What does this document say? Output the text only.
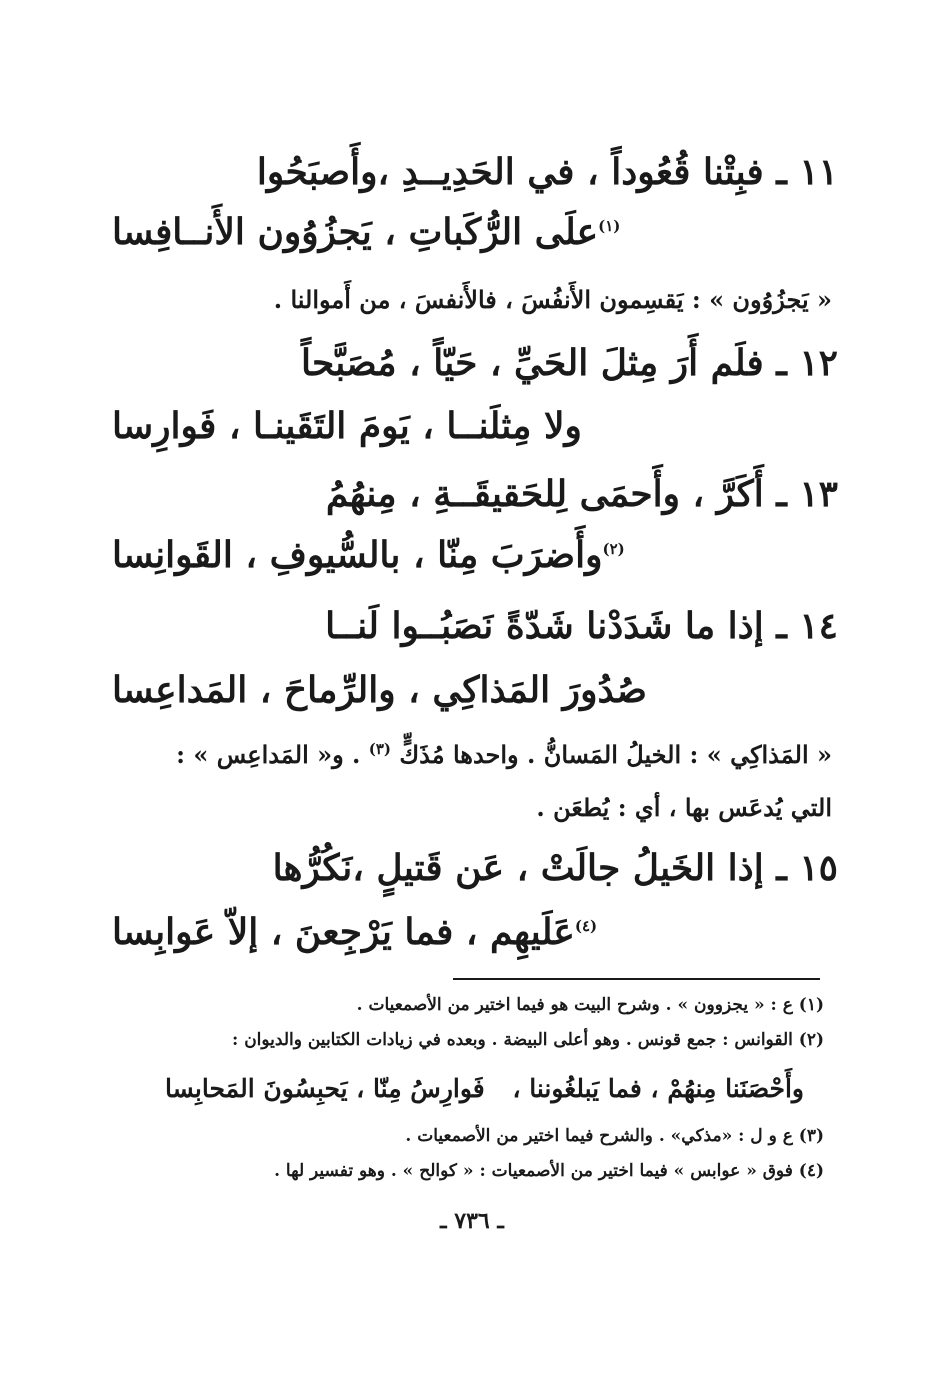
١١ ـ فبِتْنا قُعُوداً ، في الحَدِيــدِ ،وأَصبَحُوا
$^{(١)}$علَى الرُّكَباتِ ، يَجزُوُون الأَنــافِسا
« يَجزُوُون » : يَقسِمون الأَنفُسَ ، فالأَنفسَ ، من أَموالنا .
١٢ ـ فلَم أَرَ مِثلَ الحَيِّ ، حَيّاً ، مُصَبَّحاً
ولا مِثلَنــا ، يَومَ التَقَينـا ، فَوارِسا
١٣ ـ أَكَرَّ ، وأَحمَى لِلحَقيقَــةِ ، مِنهُمُ
$^{(٢)}$وأَضرَبَ مِنّا ، بالسُّيوفِ ، القَوانِسا
١٤ ـ إذا ما شَدَدْنا شَدّةً نَصَبُــوا لَنــا
صُدُورَ المَذاكِي ، والرِّماحَ ، المَداعِسا
« المَذاكِي » : الخيلُ المَسانُّ . واحدها مُذَكٍّ $^{(٣)}$ . و« المَداعِس » :
التي يُدعَس بها ، أي : يُطعَن .
١٥ ـ إذا الخَيلُ جالَتْ ، عَن قَتيلٍ ،نَكُرُّها
$^{(٤)}$عَلَيهِم ، فما يَرْجِعنَ ، إلاّ عَوابِسا
(١) ع : « يجزوون » . وشرح البيت هو فيما اختير من الأصمعيات .
(٢) القوانس : جمع قونس . وهو أعلى البيضة . وبعده في زيادات الكتابين والديوان :
وأَحْصَنَنا مِنهُمْ ، فما يَبلغُوننا ،
فَوارِسُ مِنّا ، يَحبِسُونَ المَحابِسا
(٣) ع و ل : «مذكي» . والشرح فيما اختير من الأصمعيات .
(٤) فوق « عوابس » فيما اختير من الأصمعيات : « كوالح » . وهو تفسير لها .
ـ ٧٣٦ ـ
